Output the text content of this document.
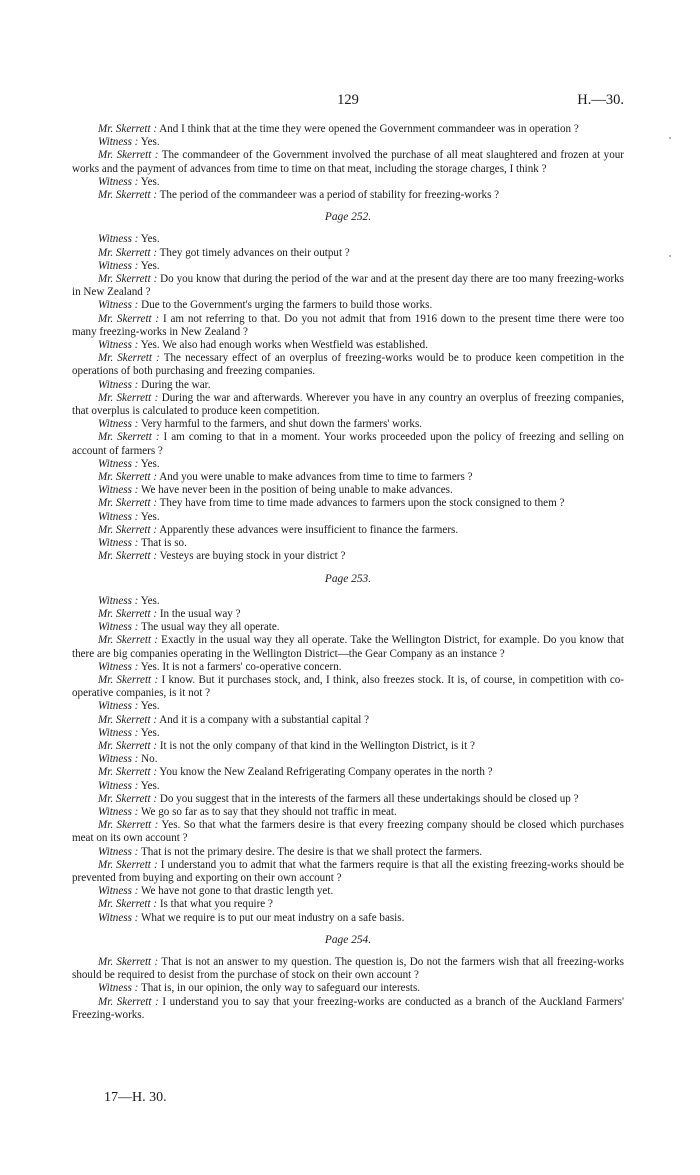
129	H.—30.

Mr. Skerrett : And I think that at the time they were opened the Government commandeer was in operation ?

Witness : Yes.

Mr. Skerrett : The commandeer of the Government involved the purchase of all meat slaughtered and frozen at your works and the payment of advances from time to time on that meat, including the storage charges, I think ?

Witness : Yes.

Mr. Skerrett : The period of the commandeer was a period of stability for freezing-works ?

Page 252.

Witness : Yes.

Mr. Skerrett : They got timely advances on their output ?

Witness : Yes.

Mr. Skerrett : Do you know that during the period of the war and at the present day there are too many freezing-works in New Zealand ?

Witness : Due to the Government's urging the farmers to build those works.

Mr. Skerrett : I am not referring to that. Do you not admit that from 1916 down to the present time there were too many freezing-works in New Zealand ?

Witness : Yes. We also had enough works when Westfield was established.

Mr. Skerrett : The necessary effect of an overplus of freezing-works would be to produce keen competition in the operations of both purchasing and freezing companies.

Witness : During the war.

Mr. Skerrett : During the war and afterwards. Wherever you have in any country an overplus of freezing companies, that overplus is calculated to produce keen competition.

Witness : Very harmful to the farmers, and shut down the farmers' works.

Mr. Skerrett : I am coming to that in a moment. Your works proceeded upon the policy of freezing and selling on account of farmers ?

Witness : Yes.

Mr. Skerrett : And you were unable to make advances from time to time to farmers ?

Witness : We have never been in the position of being unable to make advances.

Mr. Skerrett : They have from time to time made advances to farmers upon the stock consigned to them ?

Witness : Yes.

Mr. Skerrett : Apparently these advances were insufficient to finance the farmers.

Witness : That is so.

Mr. Skerrett : Vesteys are buying stock in your district ?

Page 253.

Witness : Yes.

Mr. Skerrett : In the usual way ?

Witness : The usual way they all operate.

Mr. Skerrett : Exactly in the usual way they all operate. Take the Wellington District, for example. Do you know that there are big companies operating in the Wellington District—the Gear Company as an instance ?

Witness : Yes. It is not a farmers' co-operative concern.

Mr. Skerrett : I know. But it purchases stock, and, I think, also freezes stock. It is, of course, in competition with co-operative companies, is it not ?

Witness : Yes.

Mr. Skerrett : And it is a company with a substantial capital ?

Witness : Yes.

Mr. Skerrett : It is not the only company of that kind in the Wellington District, is it ?

Witness : No.

Mr. Skerrett : You know the New Zealand Refrigerating Company operates in the north ?

Witness : Yes.

Mr. Skerrett : Do you suggest that in the interests of the farmers all these undertakings should be closed up ?

Witness : We go so far as to say that they should not traffic in meat.

Mr. Skerrett : Yes. So that what the farmers desire is that every freezing company should be closed which purchases meat on its own account ?

Witness : That is not the primary desire. The desire is that we shall protect the farmers.

Mr. Skerrett : I understand you to admit that what the farmers require is that all the existing freezing-works should be prevented from buying and exporting on their own account ?

Witness : We have not gone to that drastic length yet.

Mr. Skerrett : Is that what you require ?

Witness : What we require is to put our meat industry on a safe basis.

Page 254.

Mr. Skerrett : That is not an answer to my question. The question is, Do not the farmers wish that all freezing-works should be required to desist from the purchase of stock on their own account ?

Witness : That is, in our opinion, the only way to safeguard our interests.

Mr. Skerrett : I understand you to say that your freezing-works are conducted as a branch of the Auckland Farmers' Freezing-works.

17—H. 30.
